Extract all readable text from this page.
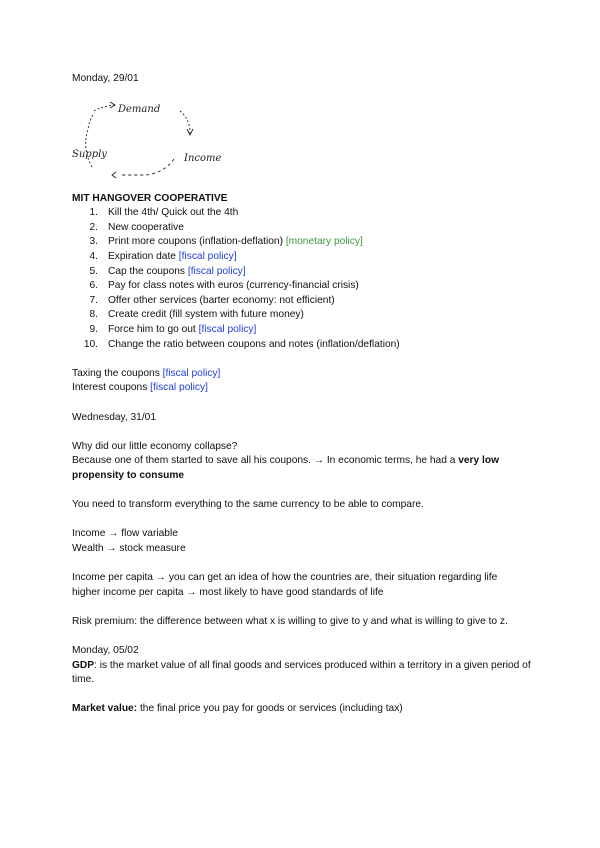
Monday, 29/01
Demand
Income
Supply
MIT HANGOVER COOPERATIVE
1. Kill the 4th/ Quick out the 4th
2. New cooperative
3. Print more coupons (inflation-deflation) [monetary policy]
4. Expiration date [fiscal policy]
5. Cap the coupons [fiscal policy]
6. Pay for class notes with euros (currency-financial crisis)
7. Offer other services (barter economy: not efficient)
8. Create credit (fill system with future money)
9. Force him to go out [fiscal policy]
10. Change the ratio between coupons and notes (inflation/deflation)
Taxing the coupons [fiscal policy]
Interest coupons [fiscal policy]
Wednesday, 31/01
Why did our little economy collapse?
Because one of them started to save all his coupons. → In economic terms, he had a very low propensity to consume
You need to transform everything to the same currency to be able to compare.
Income → flow variable
Wealth → stock measure
Income per capita → you can get an idea of how the countries are, their situation regarding life
higher income per capita → most likely to have good standards of life
Risk premium: the difference between what x is willing to give to y and what is willing to give to z.
Monday, 05/02
GDP: is the market value of all final goods and services produced within a territory in a given period of time.
Market value: the final price you pay for goods or services (including tax)
